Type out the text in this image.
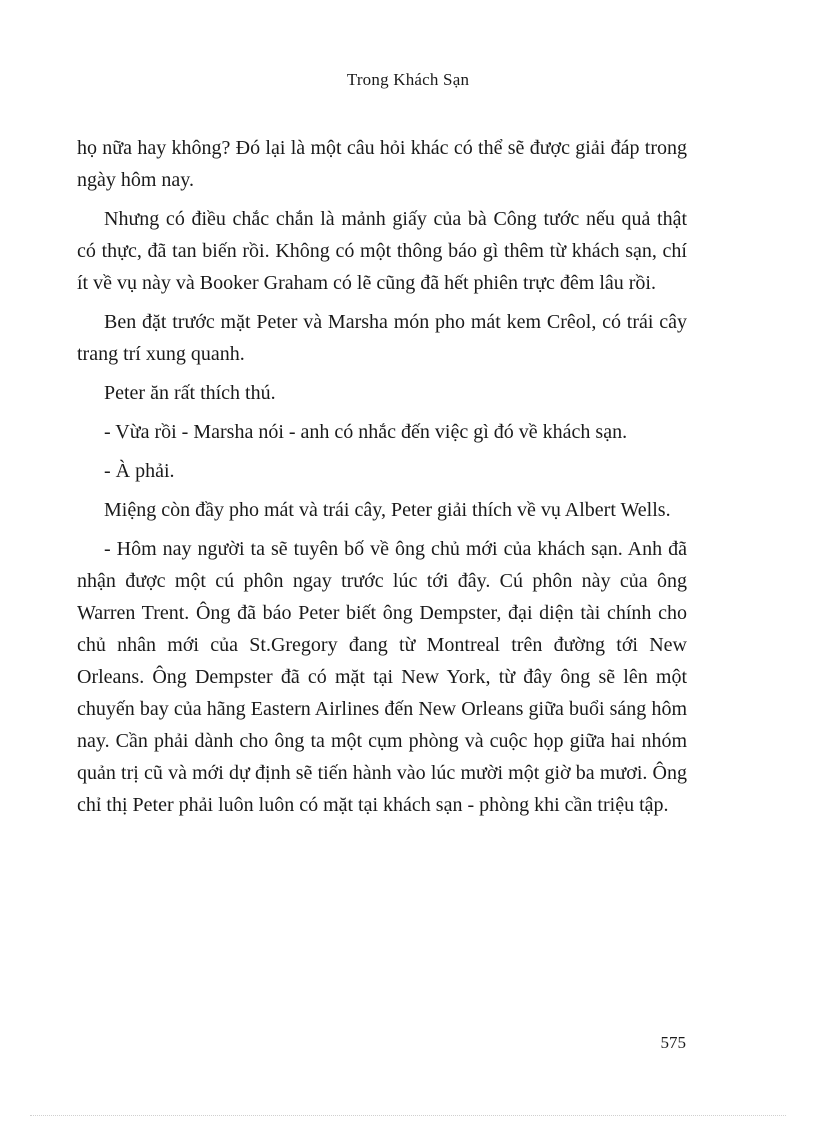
Trong Khách Sạn

họ nữa hay không? Đó lại là một câu hỏi khác có thể sẽ được giải đáp trong ngày hôm nay.

Nhưng có điều chắc chắn là mảnh giấy của bà Công tước nếu quả thật có thực, đã tan biến rồi. Không có một thông báo gì thêm từ khách sạn, chí ít về vụ này và Booker Graham có lẽ cũng đã hết phiên trực đêm lâu rồi.

Ben đặt trước mặt Peter và Marsha món pho mát kem Crêol, có trái cây trang trí xung quanh.

Peter ăn rất thích thú.

- Vừa rồi - Marsha nói - anh có nhắc đến việc gì đó về khách sạn.

- À phải.

Miệng còn đầy pho mát và trái cây, Peter giải thích về vụ Albert Wells.

- Hôm nay người ta sẽ tuyên bố về ông chủ mới của khách sạn. Anh đã nhận được một cú phôn ngay trước lúc tới đây. Cú phôn này của ông Warren Trent. Ông đã báo Peter biết ông Dempster, đại diện tài chính cho chủ nhân mới của St.Gregory đang từ Montreal trên đường tới New Orleans. Ông Dempster đã có mặt tại New York, từ đây ông sẽ lên một chuyến bay của hãng Eastern Airlines đến New Orleans giữa buổi sáng hôm nay. Cần phải dành cho ông ta một cụm phòng và cuộc họp giữa hai nhóm quản trị cũ và mới dự định sẽ tiến hành vào lúc mười một giờ ba mươi. Ông chỉ thị Peter phải luôn luôn có mặt tại khách sạn - phòng khi cần triệu tập.

575
